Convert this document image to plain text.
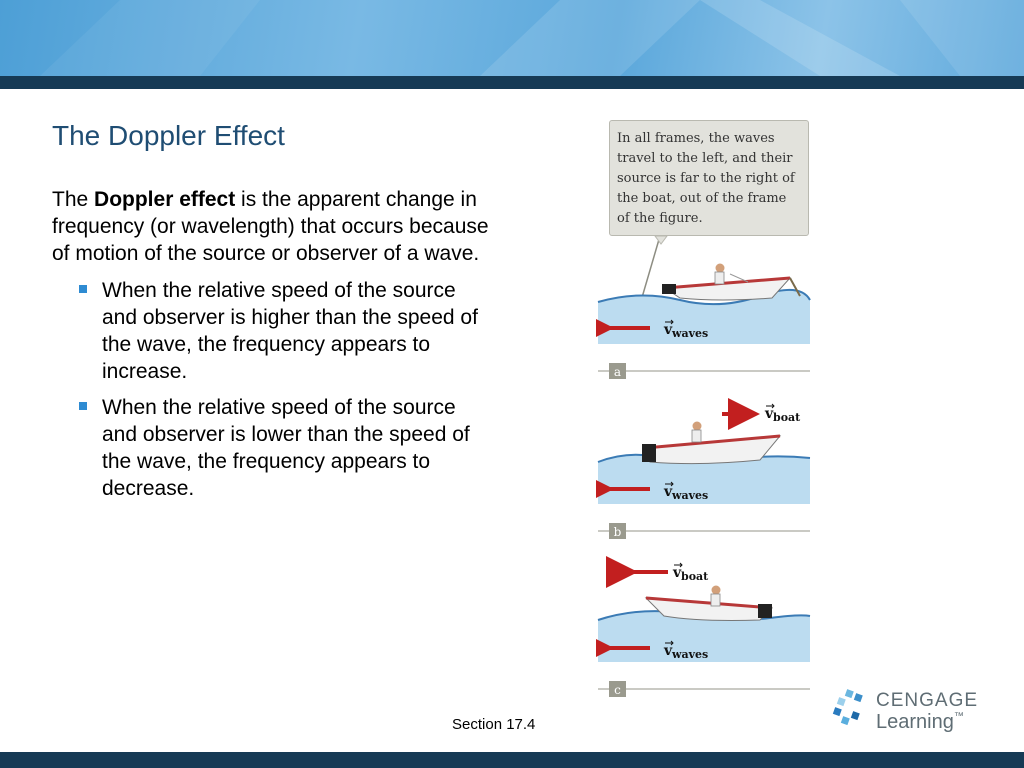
The Doppler Effect

The Doppler effect is the apparent change in frequency (or wavelength) that occurs because of motion of the source or observer of a wave.

When the relative speed of the source and observer is higher than the speed of the wave, the frequency appears to increase.
When the relative speed of the source and observer is lower than the speed of the wave, the frequency appears to decrease.
a
b
c
v waves
v waves
v boat
v boat
v waves
In all frames, the waves travel to the left, and their source is far to the right of the boat, out of the frame of the figure.
Section 17.4
CENGAGE
Learning™
